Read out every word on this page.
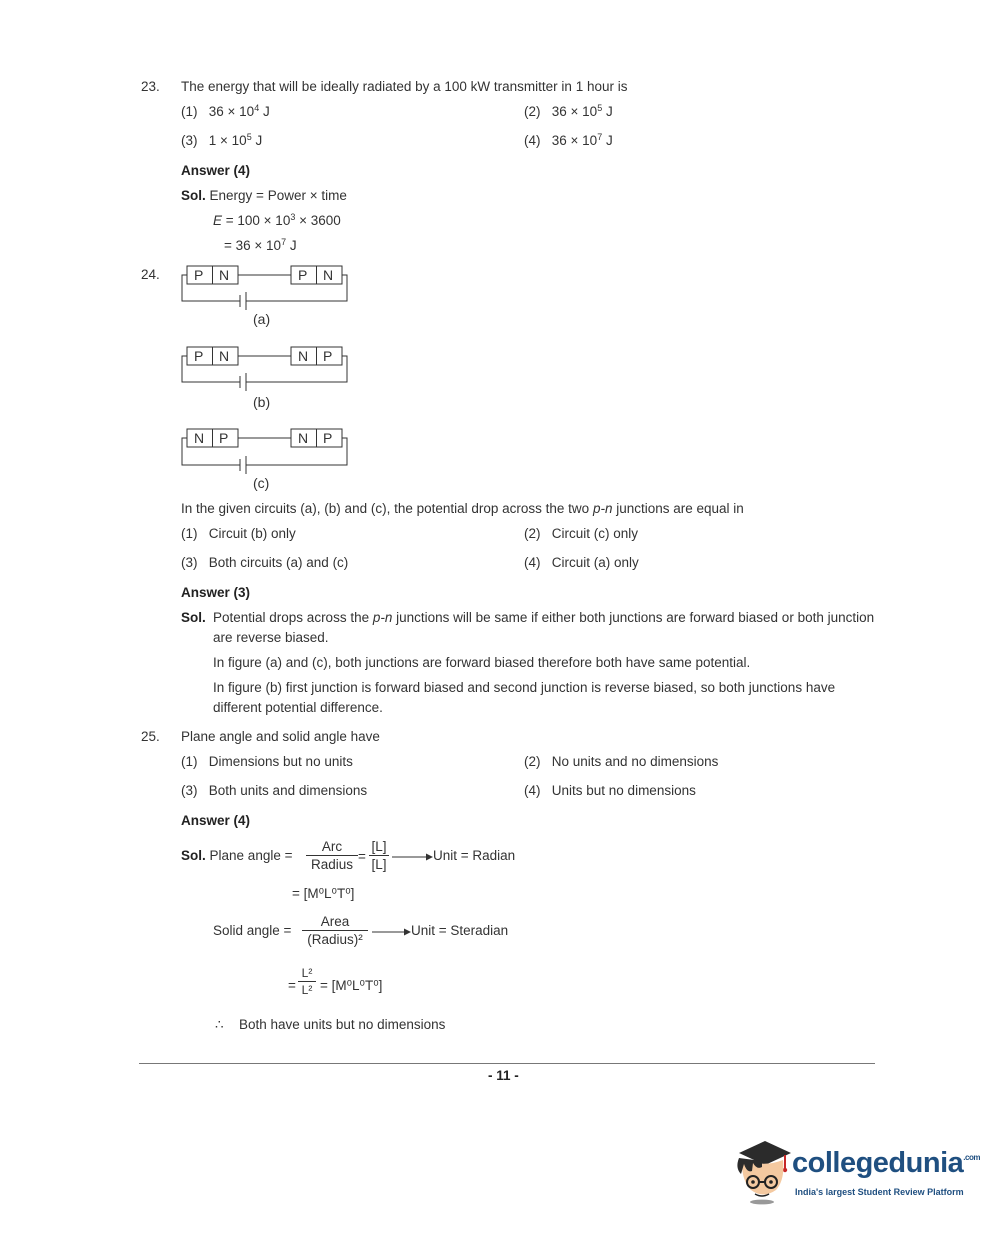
23. The energy that will be ideally radiated by a 100 kW transmitter in 1 hour is
(1) $36 \times 10^4$ J	(2) $36 \times 10^5$ J
(3) $1 \times 10^5$ J	(4) $36 \times 10^7$ J
Answer (4)
Sol. Energy = Power × time
$E = 100 \times 10^3 \times 3600$
= $36 \times 10^7$ J
24. P N	P N
(a)
P N	N P
(b)
N P	N P
(c)
In the given circuits (a), (b) and (c), the potential drop across the two p-n junctions are equal in
(1) Circuit (b) only	(2) Circuit (c) only
(3) Both circuits (a) and (c)	(4) Circuit (a) only
Answer (3)
Sol. Potential drops across the p-n junctions will be same if either both junctions are forward biased or both junction are reverse biased.
In figure (a) and (c), both junctions are forward biased therefore both have same potential.
In figure (b) first junction is forward biased and second junction is reverse biased, so both junctions have different potential difference.
25. Plane angle and solid angle have
(1) Dimensions but no units	(2) No units and no dimensions
(3) Both units and dimensions	(4) Units but no dimensions
Answer (4)
Sol. Plane angle =
Arc
Radius
= $\frac{[L]}{[L]}$	Unit = Radian
= [M⁰L⁰T⁰]
Solid angle =
Area
(Radius)²
Unit = Steradian
= $\frac{\text{L²}}{\text{L²}} = [M^0L^0T^0]$
∴ Both have units but no dimensions
- 11 -
collegedunia$^{.com}$
India's largest Student Review Platform
